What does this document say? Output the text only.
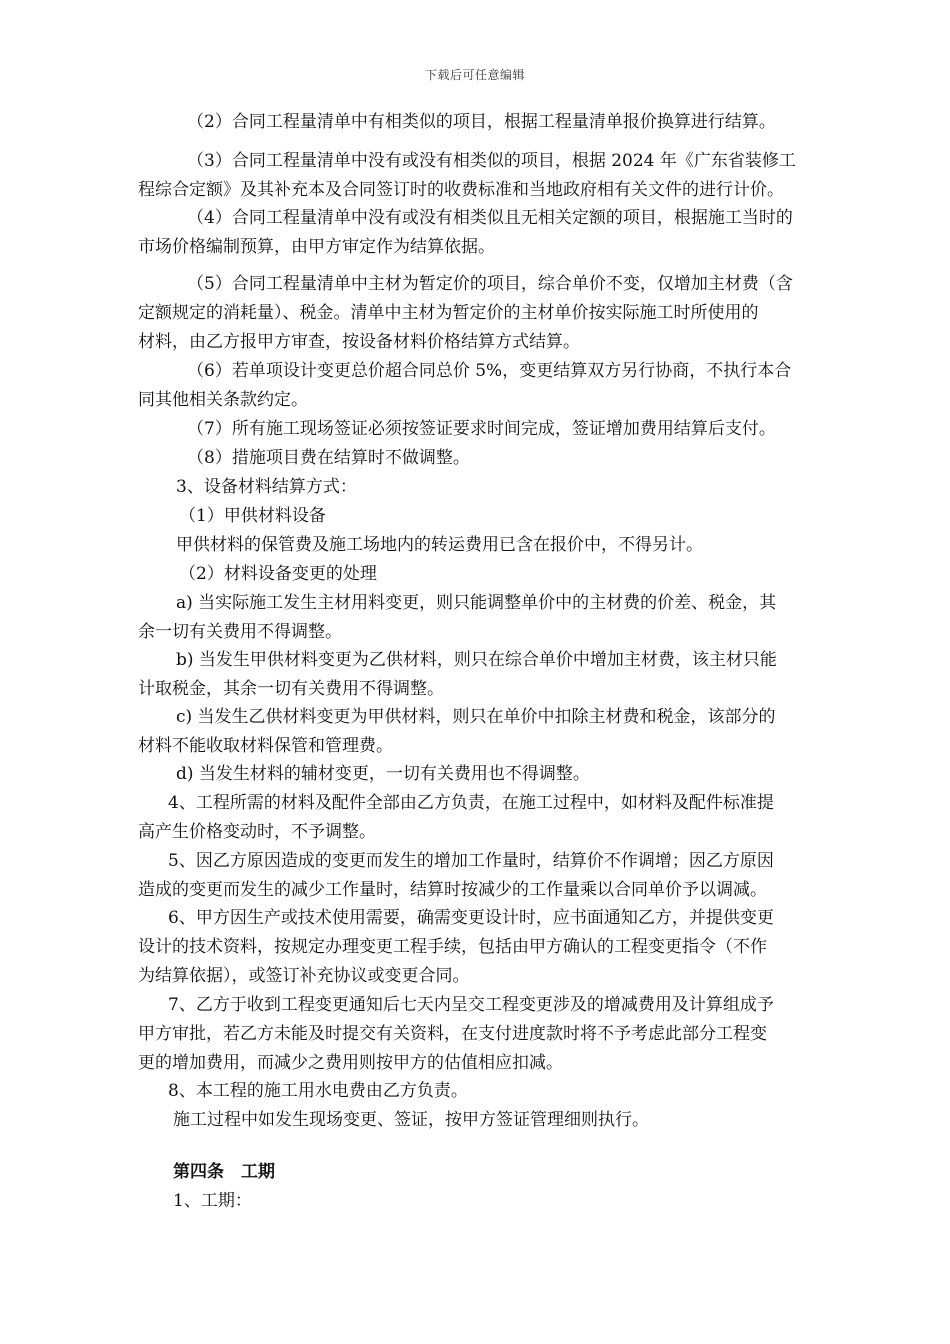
下载后可任意编辑
（2）合同工程量清单中有相类似的项目，根据工程量清单报价换算进行结算。
（3）合同工程量清单中没有或没有相类似的项目，根据 2024 年《广东省装修工
程综合定额》及其补充本及合同签订时的收费标准和当地政府相有关文件的进行计价。
（4）合同工程量清单中没有或没有相类似且无相关定额的项目，根据施工当时的
市场价格编制预算，由甲方审定作为结算依据。
（5）合同工程量清单中主材为暂定价的项目，综合单价不变，仅增加主材费（含
定额规定的消耗量）、税金。清单中主材为暂定价的主材单价按实际施工时所使用的
材料，由乙方报甲方审查，按设备材料价格结算方式结算。
（6）若单项设计变更总价超合同总价 5%，变更结算双方另行协商，不执行本合
同其他相关条款约定。
（7）所有施工现场签证必须按签证要求时间完成，签证增加费用结算后支付。
（8）措施项目费在结算时不做调整。
3、设备材料结算方式：
（1）甲供材料设备
甲供材料的保管费及施工场地内的转运费用已含在报价中，不得另计。
（2）材料设备变更的处理
a) 当实际施工发生主材用料变更，则只能调整单价中的主材费的价差、税金，其
余一切有关费用不得调整。
b) 当发生甲供材料变更为乙供材料，则只在综合单价中增加主材费，该主材只能
计取税金，其余一切有关费用不得调整。
c) 当发生乙供材料变更为甲供材料，则只在单价中扣除主材费和税金，该部分的
材料不能收取材料保管和管理费。
d) 当发生材料的辅材变更，一切有关费用也不得调整。
4、工程所需的材料及配件全部由乙方负责，在施工过程中，如材料及配件标准提
高产生价格变动时，不予调整。
5、因乙方原因造成的变更而发生的增加工作量时，结算价不作调增；因乙方原因
造成的变更而发生的减少工作量时，结算时按减少的工作量乘以合同单价予以调减。
6、甲方因生产或技术使用需要，确需变更设计时，应书面通知乙方，并提供变更
设计的技术资料，按规定办理变更工程手续，包括由甲方确认的工程变更指令（不作
为结算依据），或签订补充协议或变更合同。
7、乙方于收到工程变更通知后七天内呈交工程变更涉及的增减费用及计算组成予
甲方审批，若乙方未能及时提交有关资料，在支付进度款时将不予考虑此部分工程变
更的增加费用，而减少之费用则按甲方的估值相应扣减。
8、本工程的施工用水电费由乙方负责。
施工过程中如发生现场变更、签证，按甲方签证管理细则执行。
第四条　工期
1、工期：
